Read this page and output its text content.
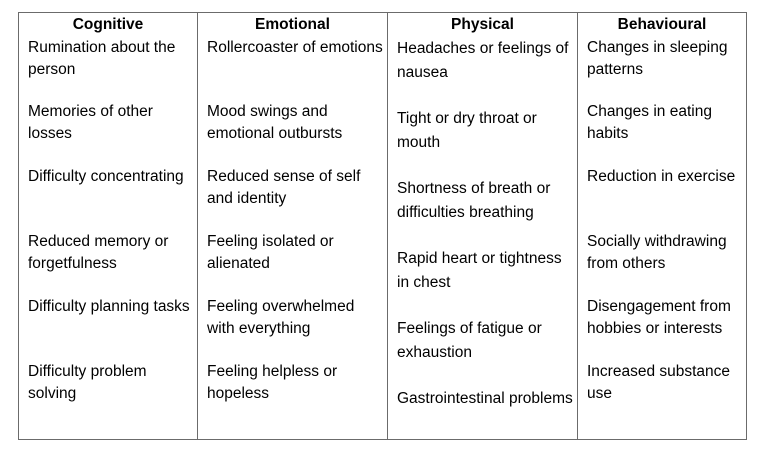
Cognitive
Rumination about the person
Memories of other losses
Difficulty concentrating
Reduced memory or forgetfulness
Difficulty planning tasks
Difficulty problem solving
Emotional
Rollercoaster of emotions
Mood swings and emotional outbursts
Reduced sense of self and identity
Feeling isolated or alienated
Feeling overwhelmed with everything
Feeling helpless or hopeless
Physical
Headaches or feelings of nausea
Tight or dry throat or mouth
Shortness of breath or difficulties breathing
Rapid heart or tightness in chest
Feelings of fatigue or exhaustion
Gastrointestinal problems
Behavioural
Changes in sleeping patterns
Changes in eating habits
Reduction in exercise
Socially withdrawing from others
Disengagement from hobbies or interests
Increased substance use
